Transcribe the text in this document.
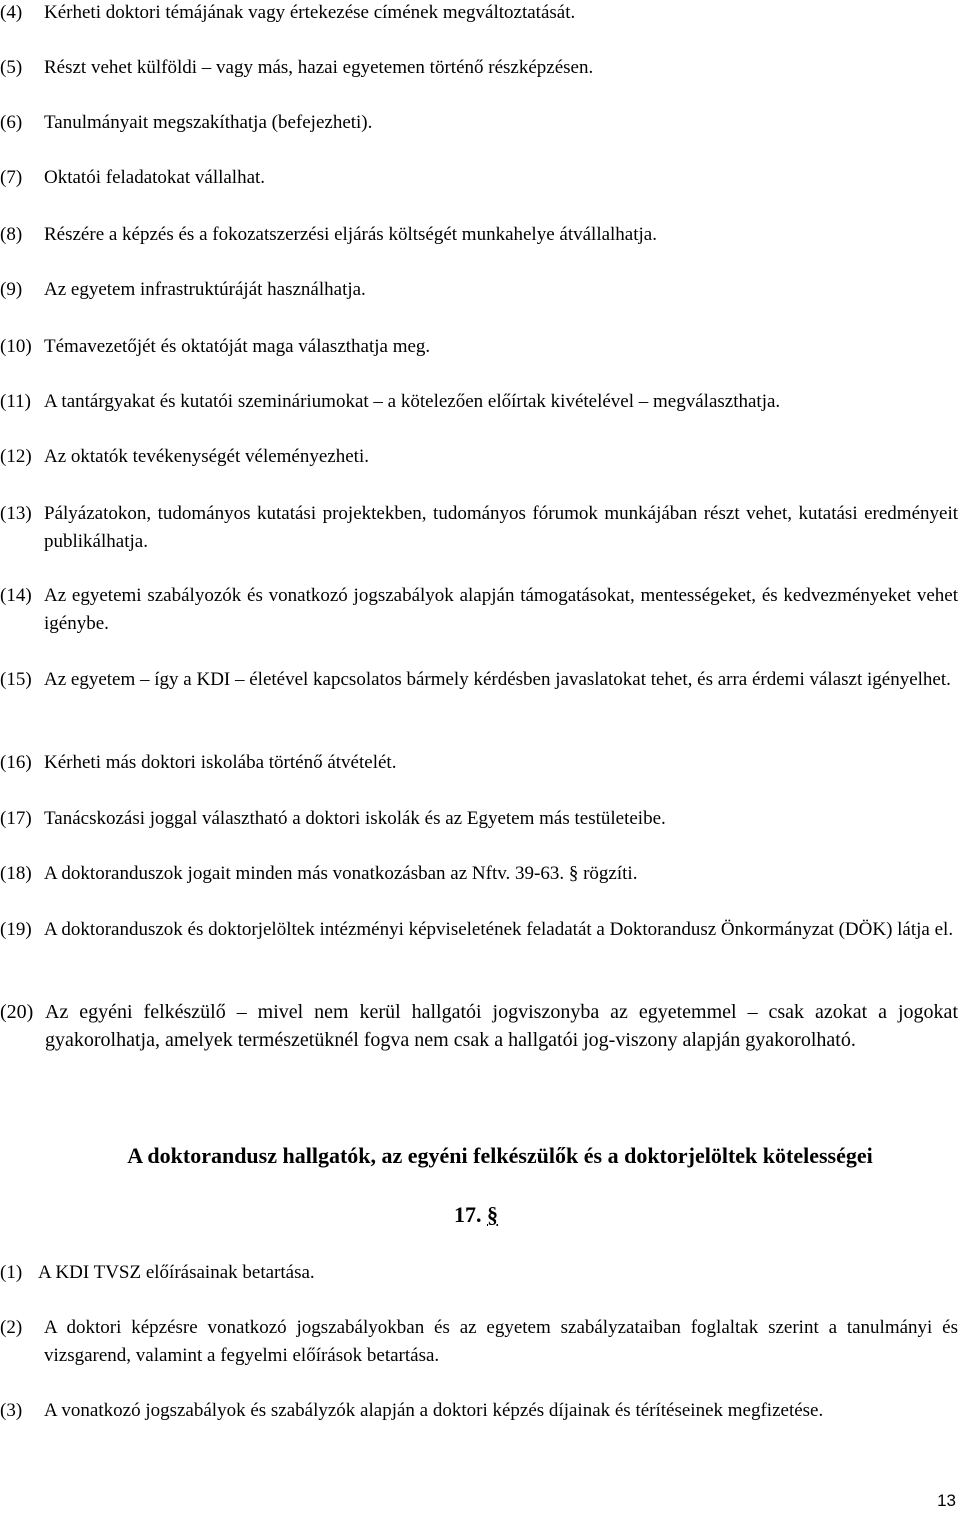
(4) Kérheti doktori témájának vagy értekezése címének megváltoztatását.
(5) Részt vehet külföldi – vagy más, hazai egyetemen történő részképzésen.
(6) Tanulmányait megszakíthatja (befejezheti).
(7) Oktatói feladatokat vállalhat.
(8) Részére a képzés és a fokozatszerzési eljárás költségét munkahelye átvállalhatja.
(9) Az egyetem infrastruktúráját használhatja.
(10) Témavezetőjét és oktatóját maga választhatja meg.
(11) A tantárgyakat és kutatói szemináriumokat – a kötelezően előírtak kivételével – megválaszthatja.
(12) Az oktatók tevékenységét véleményezheti.
(13) Pályázatokon, tudományos kutatási projektekben, tudományos fórumok munkájában részt vehet, kutatási eredményeit publikálhatja.
(14) Az egyetemi szabályozók és vonatkozó jogszabályok alapján támogatásokat, mentességeket, és kedvezményeket vehet igénybe.
(15) Az egyetem – így a KDI – életével kapcsolatos bármely kérdésben javaslatokat tehet, és arra érdemi választ igényelhet.
(16) Kérheti más doktori iskolába történő átvételét.
(17) Tanácskozási joggal választható a doktori iskolák és az Egyetem más testületeibe.
(18) A doktoranduszok jogait minden más vonatkozásban az Nftv. 39-63. § rögzíti.
(19) A doktoranduszok és doktorjelöltek intézményi képviseletének feladatát a Doktorandusz Önkormányzat (DÖK) látja el.
(20) Az egyéni felkészülő – mivel nem kerül hallgatói jogviszonyba az egyetemmel – csak azokat a jogokat gyakorolhatja, amelyek természetüknél fogva nem csak a hallgatói jog-viszony alapján gyakorolható.
A doktorandusz hallgatók, az egyéni felkészülők és a doktorjelöltek kötelességei
17. §
(1) A KDI TVSZ előírásainak betartása.
(2) A doktori képzésre vonatkozó jogszabályokban és az egyetem szabályzataiban foglaltak szerint a tanulmányi és vizsgarend, valamint a fegyelmi előírások betartása.
(3) A vonatkozó jogszabályok és szabályzók alapján a doktori képzés díjainak és térítéseinek megfizetése.
13
